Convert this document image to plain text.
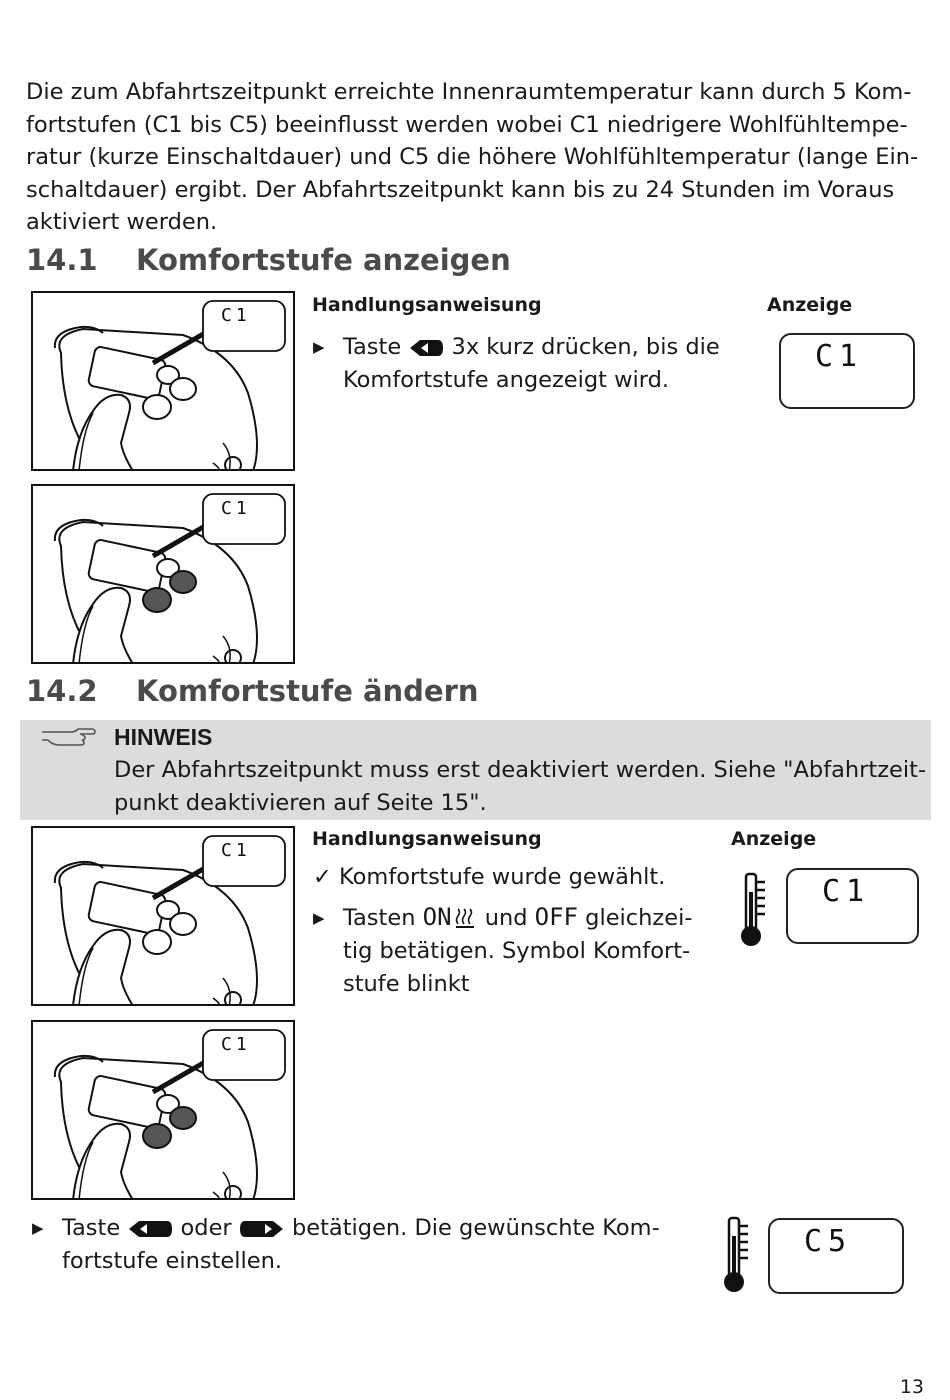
Die zum Abfahrtszeitpunkt erreichte Innenraumtemperatur kann durch 5 Kom-
fortstufen (C1 bis C5) beeinflusst werden wobei C1 niedrigere Wohlfühltempe-
ratur (kurze Einschaltdauer) und C5 die höhere Wohlfühltemperatur (lange Ein-
schaltdauer) ergibt. Der Abfahrtszeitpunkt kann bis zu 24 Stunden im Voraus
aktiviert werden.

14.1 Komfortstufe anzeigen
C1
C1
Handlungsanweisung	Anzeige
▶ Taste 3x kurz drücken, bis die
Komfortstufe angezeigt wird.
C1
14.2 Komfortstufe ändern
HINWEIS
Der Abfahrtszeitpunkt muss erst deaktiviert werden. Siehe "Abfahrtzeit-
punkt deaktivieren auf Seite 15".
C1
C1
Handlungsanweisung	Anzeige
✓ Komfortstufe wurde gewählt.
▶ Tasten ON und OFF gleichzei-
tig betätigen. Symbol Komfort-
stufe blinkt
C1
▶ Taste	oder	betätigen. Die gewünschte Kom-
fortstufe einstellen.
C5
13
